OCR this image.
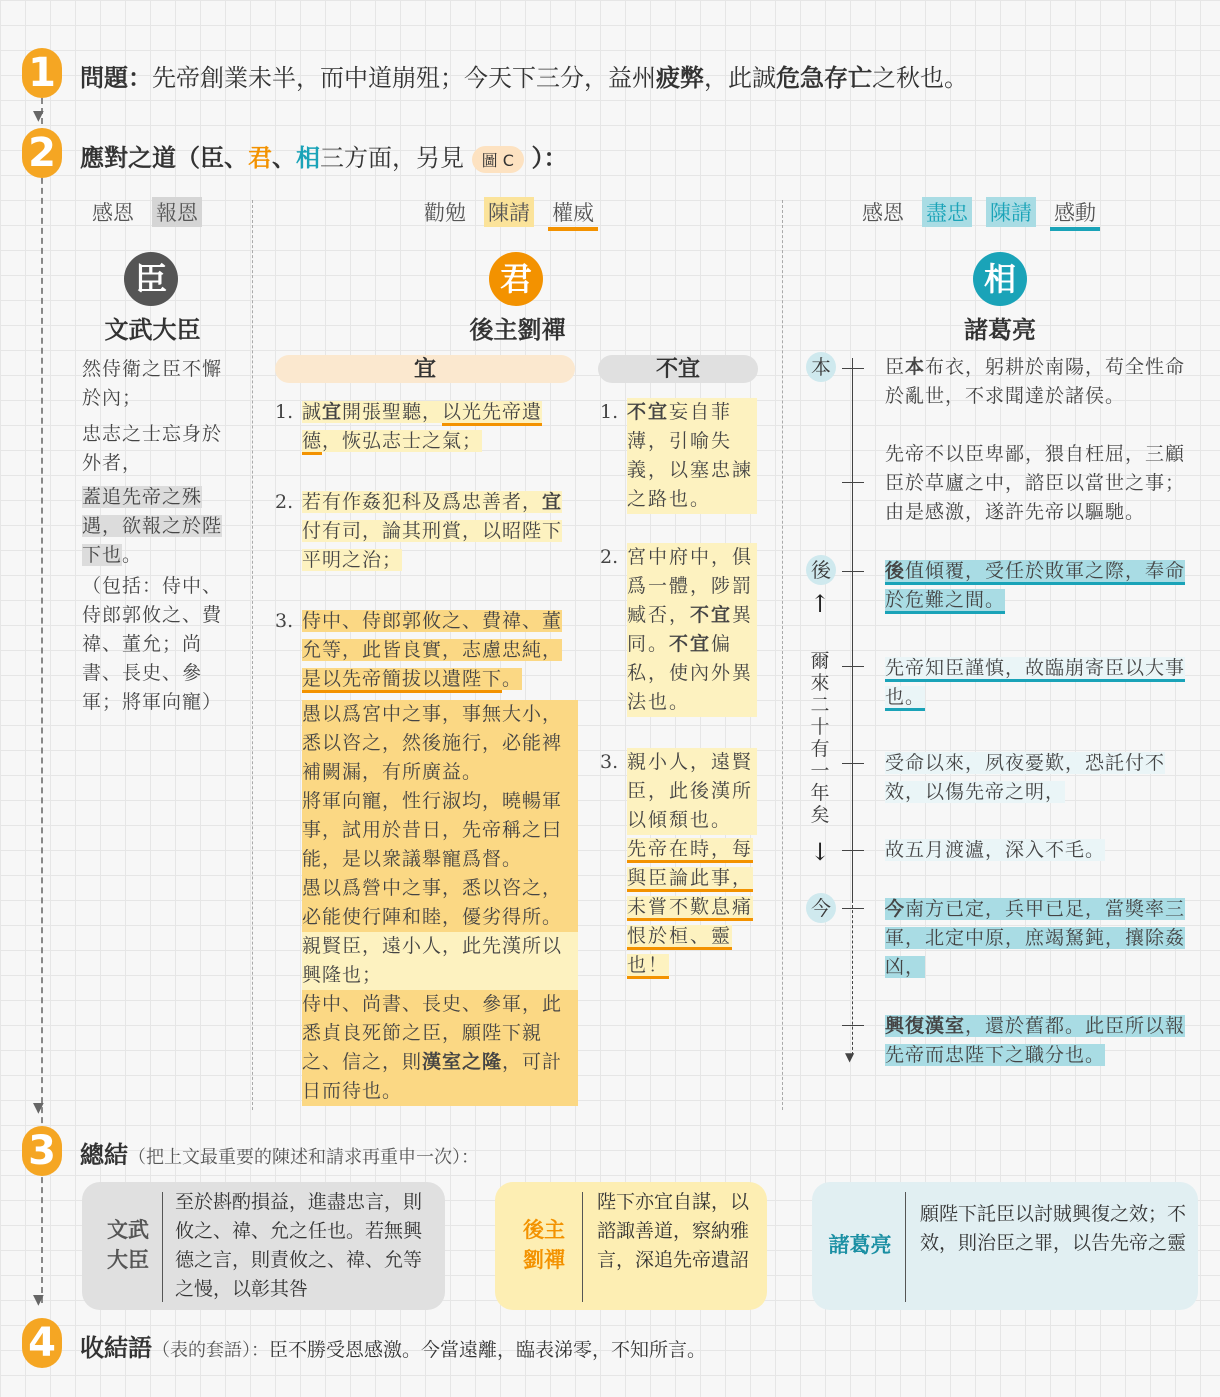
▼
▼
▼
1 問題：先帝創業未半，而中道崩殂；今天下三分，益州疲弊，此誠危急存亡之秋也。
2 應對之道（臣、君、相三方面，另見 圖 C ）：
感恩 報恩	勸勉 陳請 權威	感恩 盡忠 陳請 感動
臣
文武大臣
君
後主劉禪
相
諸葛亮
然侍衛之臣不懈於內；
忠志之士忘身於外者，
蓋追先帝之殊遇，欲報之於陛下也。
（包括：侍中、侍郎郭攸之、費禕、董允；尚書、長史、參軍；將軍向寵）
宜	不宜
1. 誠宜開張聖聽，以光先帝遺德，恢弘志士之氣；
2. 若有作姦犯科及爲忠善者，宜付有司，論其刑賞，以昭陛下平明之治；
3. 侍中、侍郎郭攸之、費禕、董允等，此皆良實，志慮忠純，是以先帝簡拔以遺陛下。
愚以爲宮中之事，事無大小，悉以咨之，然後施行，必能裨補闕漏，有所廣益。
將軍向寵，性行淑均，曉暢軍事，試用於昔日，先帝稱之曰能，是以衆議舉寵爲督。
愚以爲營中之事，悉以咨之，必能使行陣和睦，優劣得所。
親賢臣，遠小人，此先漢所以興隆也；
侍中、尚書、長史、參軍，此悉貞良死節之臣，願陛下親之、信之，則漢室之隆，可計日而待也。
1. 不宜妄自菲薄，引喻失義，以塞忠諫之路也。
2. 宮中府中，俱爲一體，陟罰臧否，不宜異同。不宜偏私，使內外異法也。
3. 親小人，遠賢臣，此後漢所以傾頹也。
先帝在時，每與臣論此事，未嘗不歎息痛恨於桓、靈也！
▼
本
後
今
↑
爾來二十有一年矣
↓
臣本布衣，躬耕於南陽，苟全性命於亂世，不求聞達於諸侯。
先帝不以臣卑鄙，猥自枉屈，三顧臣於草廬之中，諮臣以當世之事；由是感激，遂許先帝以驅馳。
後值傾覆，受任於敗軍之際，奉命於危難之間。
先帝知臣謹慎，故臨崩寄臣以大事也。
受命以來，夙夜憂歎，恐託付不效，以傷先帝之明，
故五月渡瀘，深入不毛。
今南方已定，兵甲已足，當獎率三軍，北定中原，庶竭駑鈍，攘除姦凶，
興復漢室，還於舊都。此臣所以報先帝而忠陛下之職分也。
3 總結（把上文最重要的陳述和請求再重申一次）：
文武大臣
至於斟酌損益，進盡忠言，則攸之、禕、允之任也。若無興德之言，則責攸之、禕、允等之慢，以彰其咎
後主劉禪
陛下亦宜自謀，以諮諏善道，察納雅言，深追先帝遺詔
諸葛亮
願陛下託臣以討賊興復之效；不效，則治臣之罪，以告先帝之靈
4 收結語（表的套語）：臣不勝受恩感激。今當遠離，臨表涕零，不知所言。
